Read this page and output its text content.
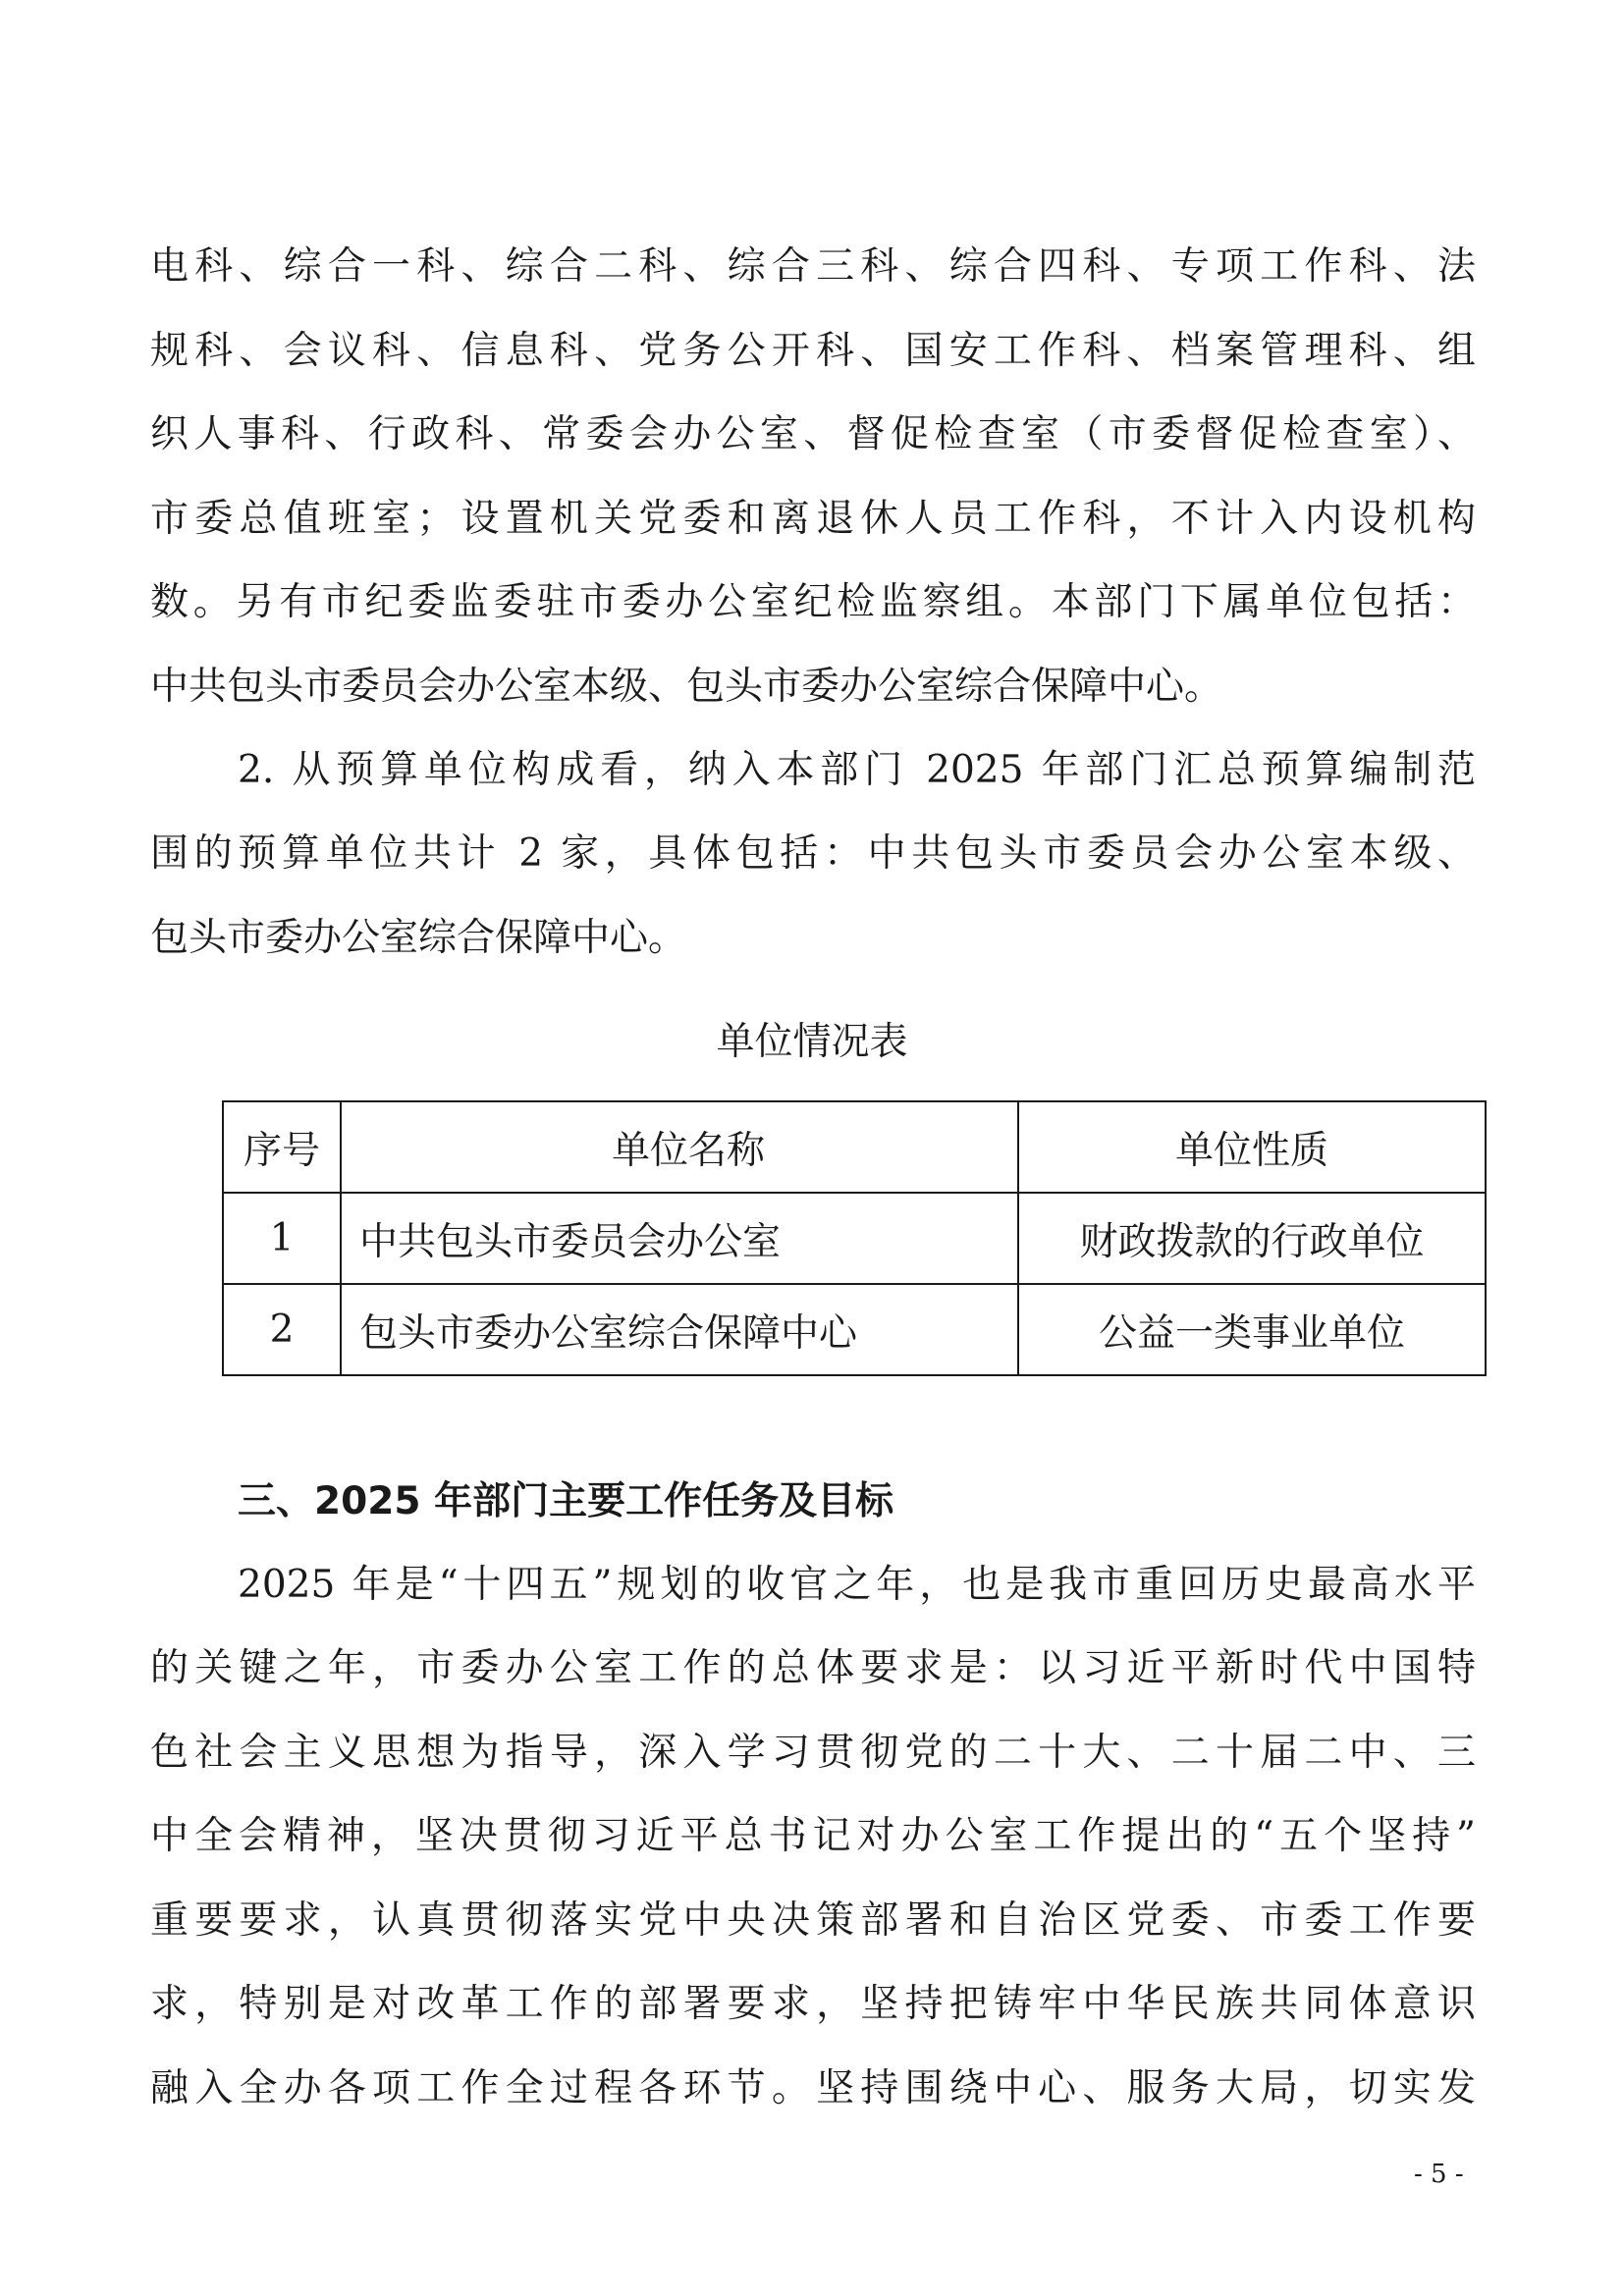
电科、综合一科、综合二科、综合三科、综合四科、专项工作科、法
规科、会议科、信息科、党务公开科、国安工作科、档案管理科、组
织人事科、行政科、常委会办公室、督促检查室（市委督促检查室）、
市委总值班室；设置机关党委和离退休人员工作科，不计入内设机构
数。另有市纪委监委驻市委办公室纪检监察组。本部门下属单位包括：
中共包头市委员会办公室本级、包头市委办公室综合保障中心。
2. 从预算单位构成看，纳入本部门 2025 年部门汇总预算编制范
围的预算单位共计 2 家，具体包括：中共包头市委员会办公室本级、
包头市委办公室综合保障中心。
单位情况表
序号	单位名称	单位性质
1	中共包头市委员会办公室	财政拨款的行政单位
2	包头市委办公室综合保障中心	公益一类事业单位
三、2025 年部门主要工作任务及目标
2025 年是“十四五”规划的收官之年，也是我市重回历史最高水平
的关键之年，市委办公室工作的总体要求是：以习近平新时代中国特
色社会主义思想为指导，深入学习贯彻党的二十大、二十届二中、三
中全会精神，坚决贯彻习近平总书记对办公室工作提出的“五个坚持”
重要要求，认真贯彻落实党中央决策部署和自治区党委、市委工作要
求，特别是对改革工作的部署要求，坚持把铸牢中华民族共同体意识
融入全办各项工作全过程各环节。坚持围绕中心、服务大局，切实发
- 5 -
